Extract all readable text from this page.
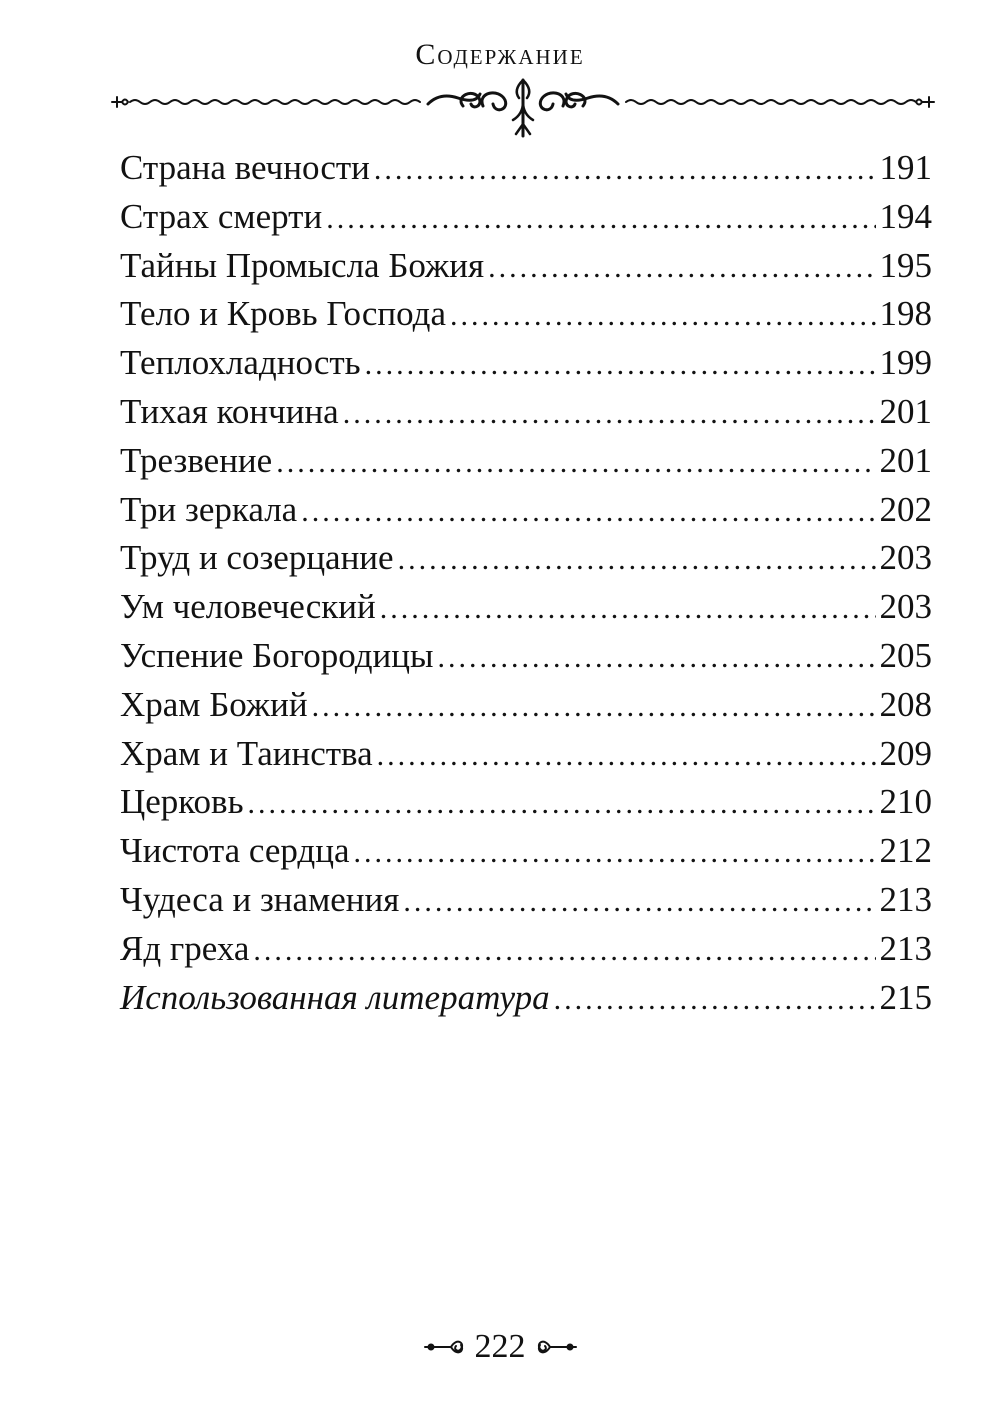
Содержание
Страна вечности .....	191
Страх смерти .....	194
Тайны Промысла Божия .....	195
Тело и Кровь Господа .....	198
Теплохладность .....	199
Тихая кончина .....	201
Трезвение .....	201
Три зеркала .....	202
Труд и созерцание .....	203
Ум человеческий .....	203
Успение Богородицы .....	205
Храм Божий .....	208
Храм и Таинства .....	209
Церковь .....	210
Чистота сердца .....	212
Чудеса и знамения .....	213
Яд греха .....	213
Использованная литература .....	215
222
